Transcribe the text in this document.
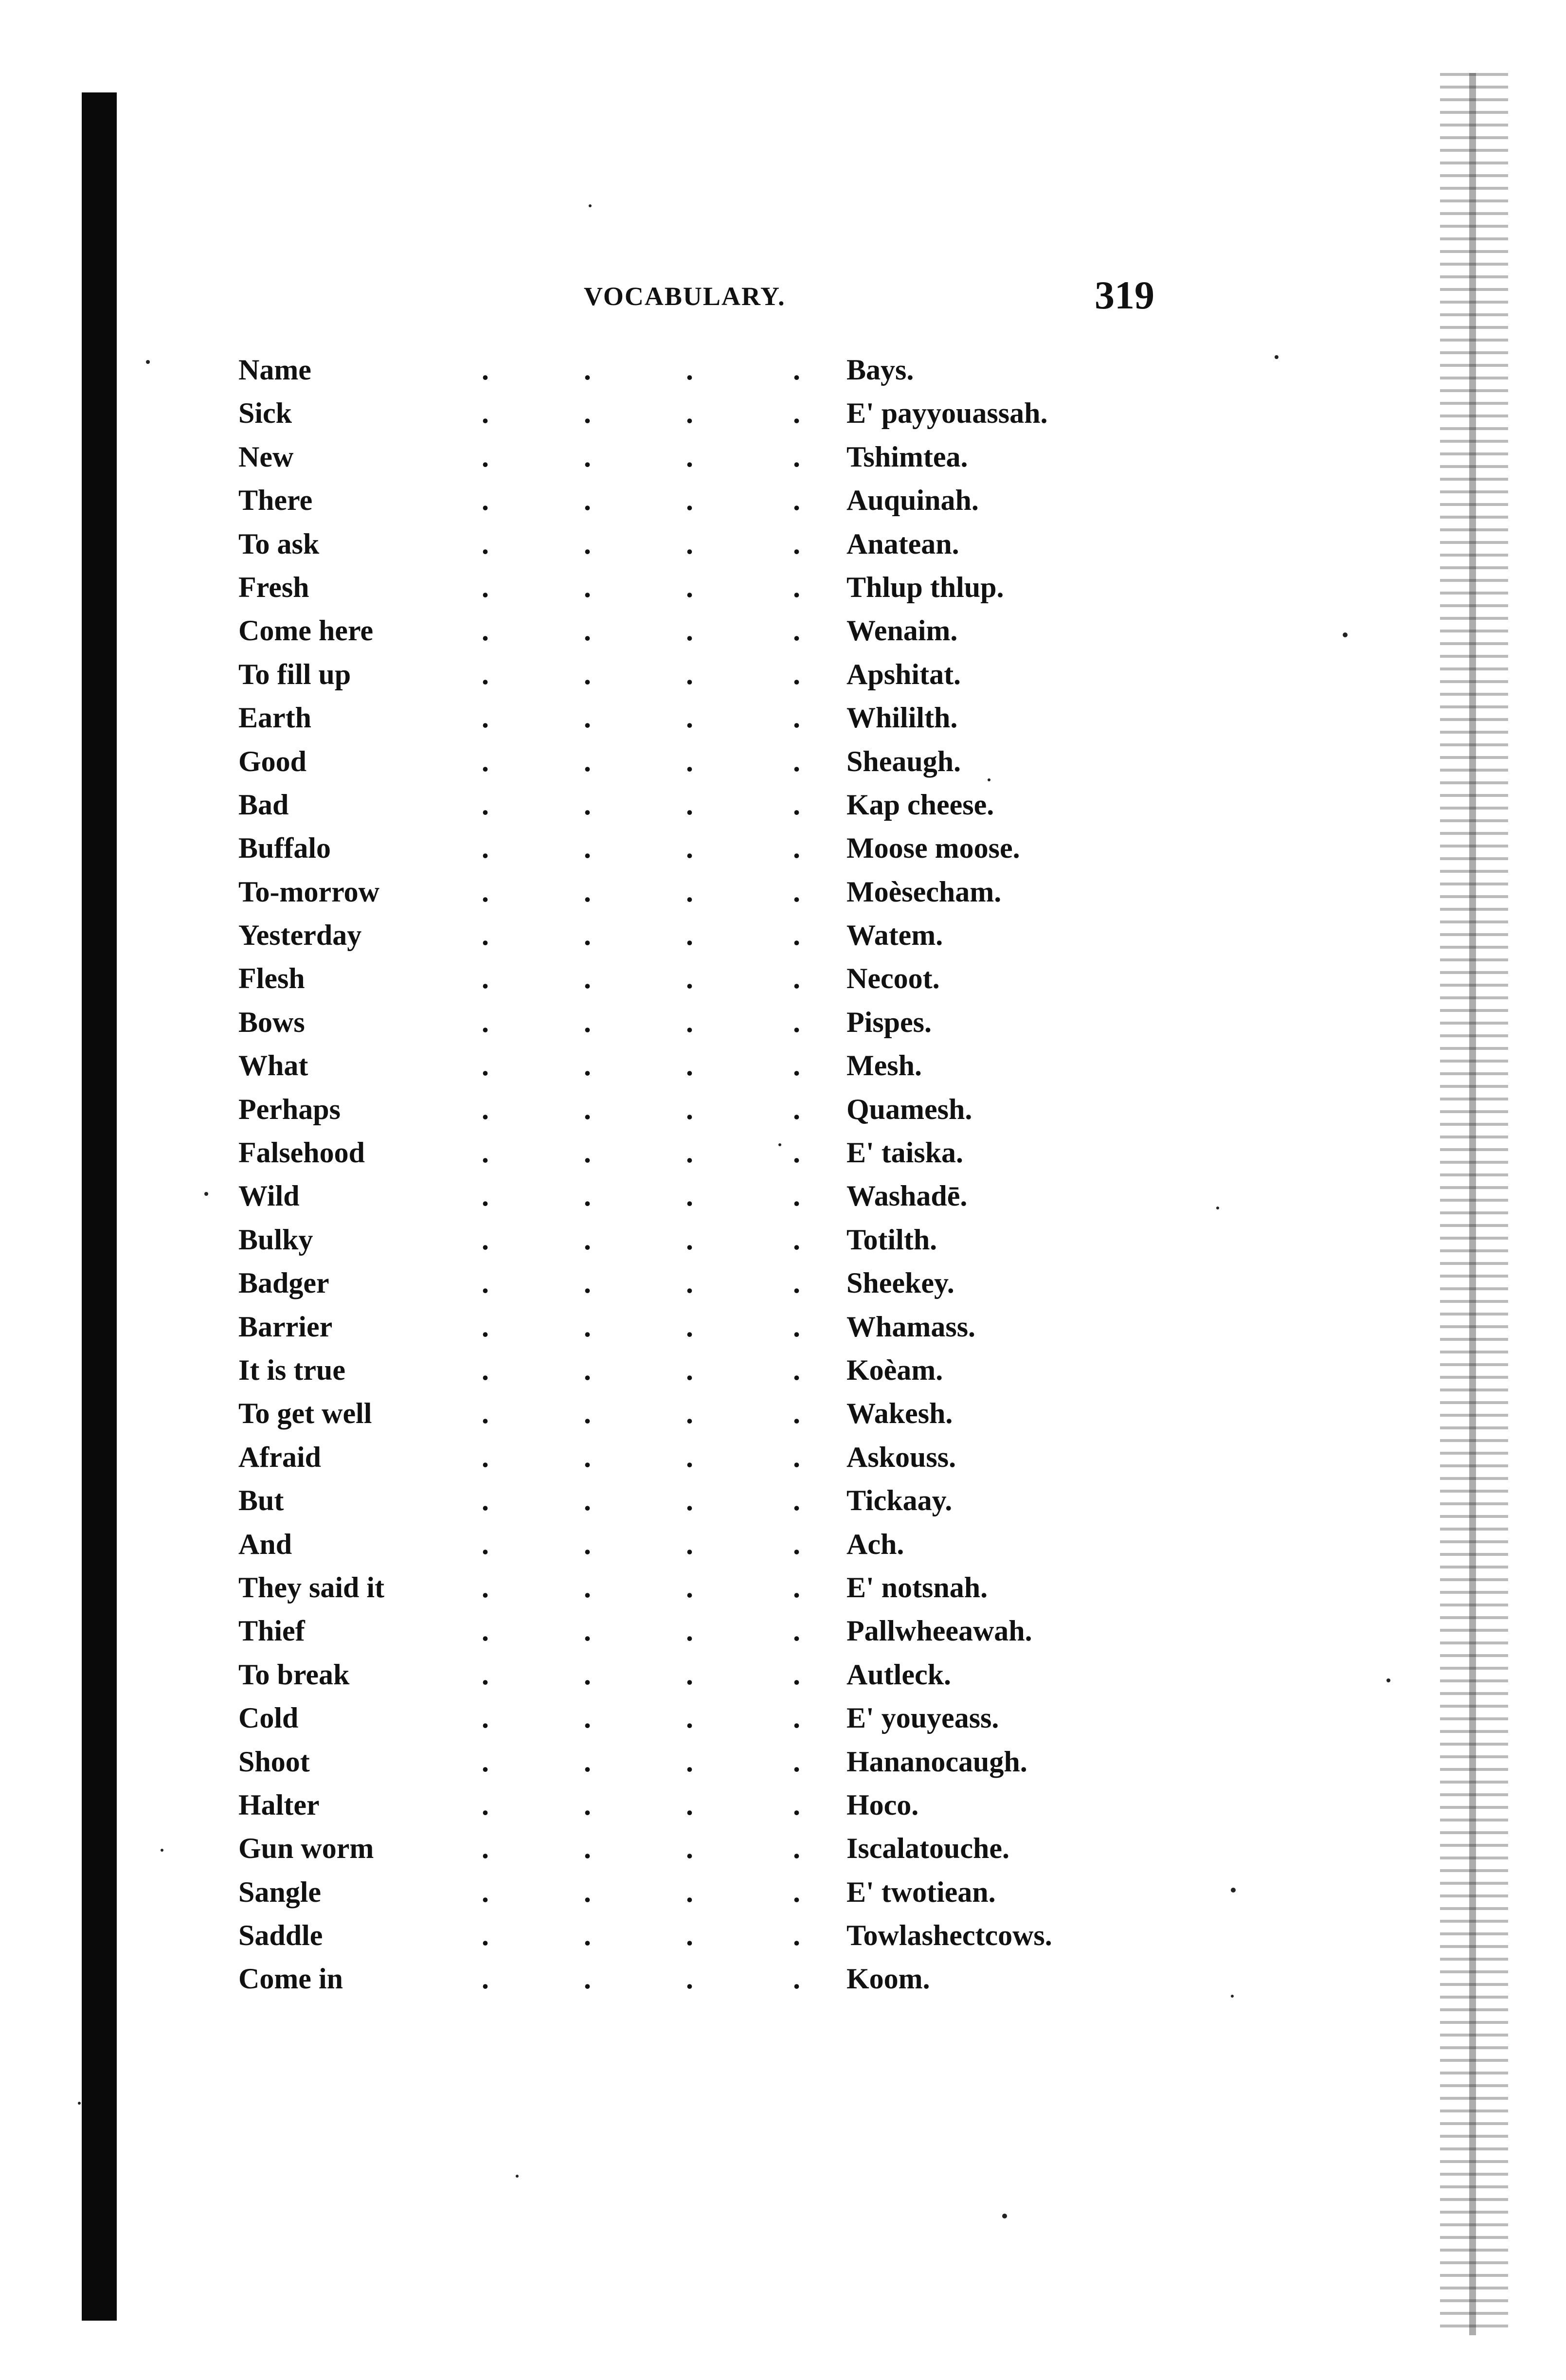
VOCABULARY.	319
Name	.	.	.	. Bays.
Sick	.	.	.	. E' payyouassah.
New	.	.	.	. Tshimtea.
There	.	.	.	. Auquinah.
To ask	.	.	.	. Anatean.
Fresh	.	.	.	. Thlup thlup.
Come here	.	.	.	. Wenaim.
To fill up	.	.	.	. Apshitat.
Earth	.	.	.	. Whililth.
Good	.	.	.	. Sheaugh.
Bad	.	.	.	. Kap cheese.
Buffalo	.	.	.	. Moose moose.
To-morrow	.	.	.	. Moèsecham.
Yesterday	.	.	.	. Watem.
Flesh	.	.	.	. Necoot.
Bows	.	.	.	. Pispes.
What	.	.	.	. Mesh.
Perhaps	.	.	.	. Quamesh.
Falsehood	.	.	.	. E' taiska.
Wild	.	.	.	. Washadē.
Bulky	.	.	.	. Totilth.
Badger	.	.	.	. Sheekey.
Barrier	.	.	.	. Whamass.
It is true	.	.	.	. Koèam.
To get well	.	.	.	. Wakesh.
Afraid	.	.	.	. Askouss.
But	.	.	.	. Tickaay.
And	.	.	.	. Ach.
They said it	.	.	.	. E' notsnah.
Thief	.	.	.	. Pallwheeawah.
To break	.	.	.	. Autleck.
Cold	.	.	.	. E' youyeass.
Shoot	.	.	.	. Hananocaugh.
Halter	.	.	.	. Hoco.
Gun worm	.	.	.	. Iscalatouche.
Sangle	.	.	.	. E' twotiean.
Saddle	.	.	.	. Towlashectcows.
Come in	.	.	.	. Koom.
